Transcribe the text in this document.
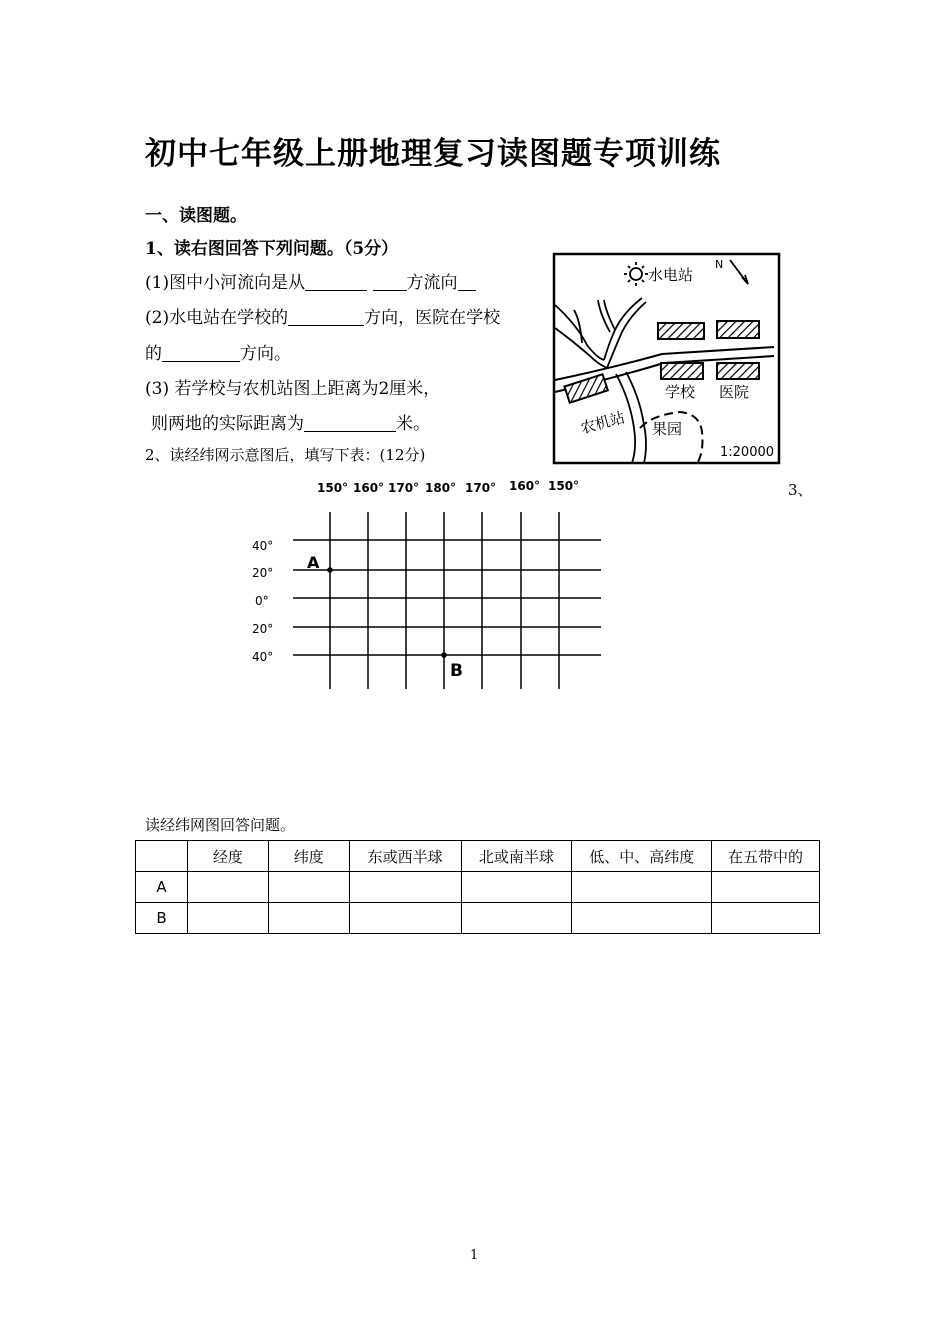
初中七年级上册地理复习读图题专项训练
一、读图题。
1、读右图回答下列问题。（5分）
(1)图中小河流向是从	方流向
(2)水电站在学校的	方向，医院在学校
的	方向。
(3) 若学校与农机站图上距离为2厘米，
则两地的实际距离为	米。
水电站
N
学校 医院
农机站 果园
1:20000
2、读经纬网示意图后，填写下表：(12分)
3、
150° 160° 170° 180° 170° 160° 150°
40°
20°
0°
20°
40°
A
B
读经纬网图回答问题。
	经度	纬度	东或西半球	北或南半球	低、中、高纬度	在五带中的
A						
B						
1
